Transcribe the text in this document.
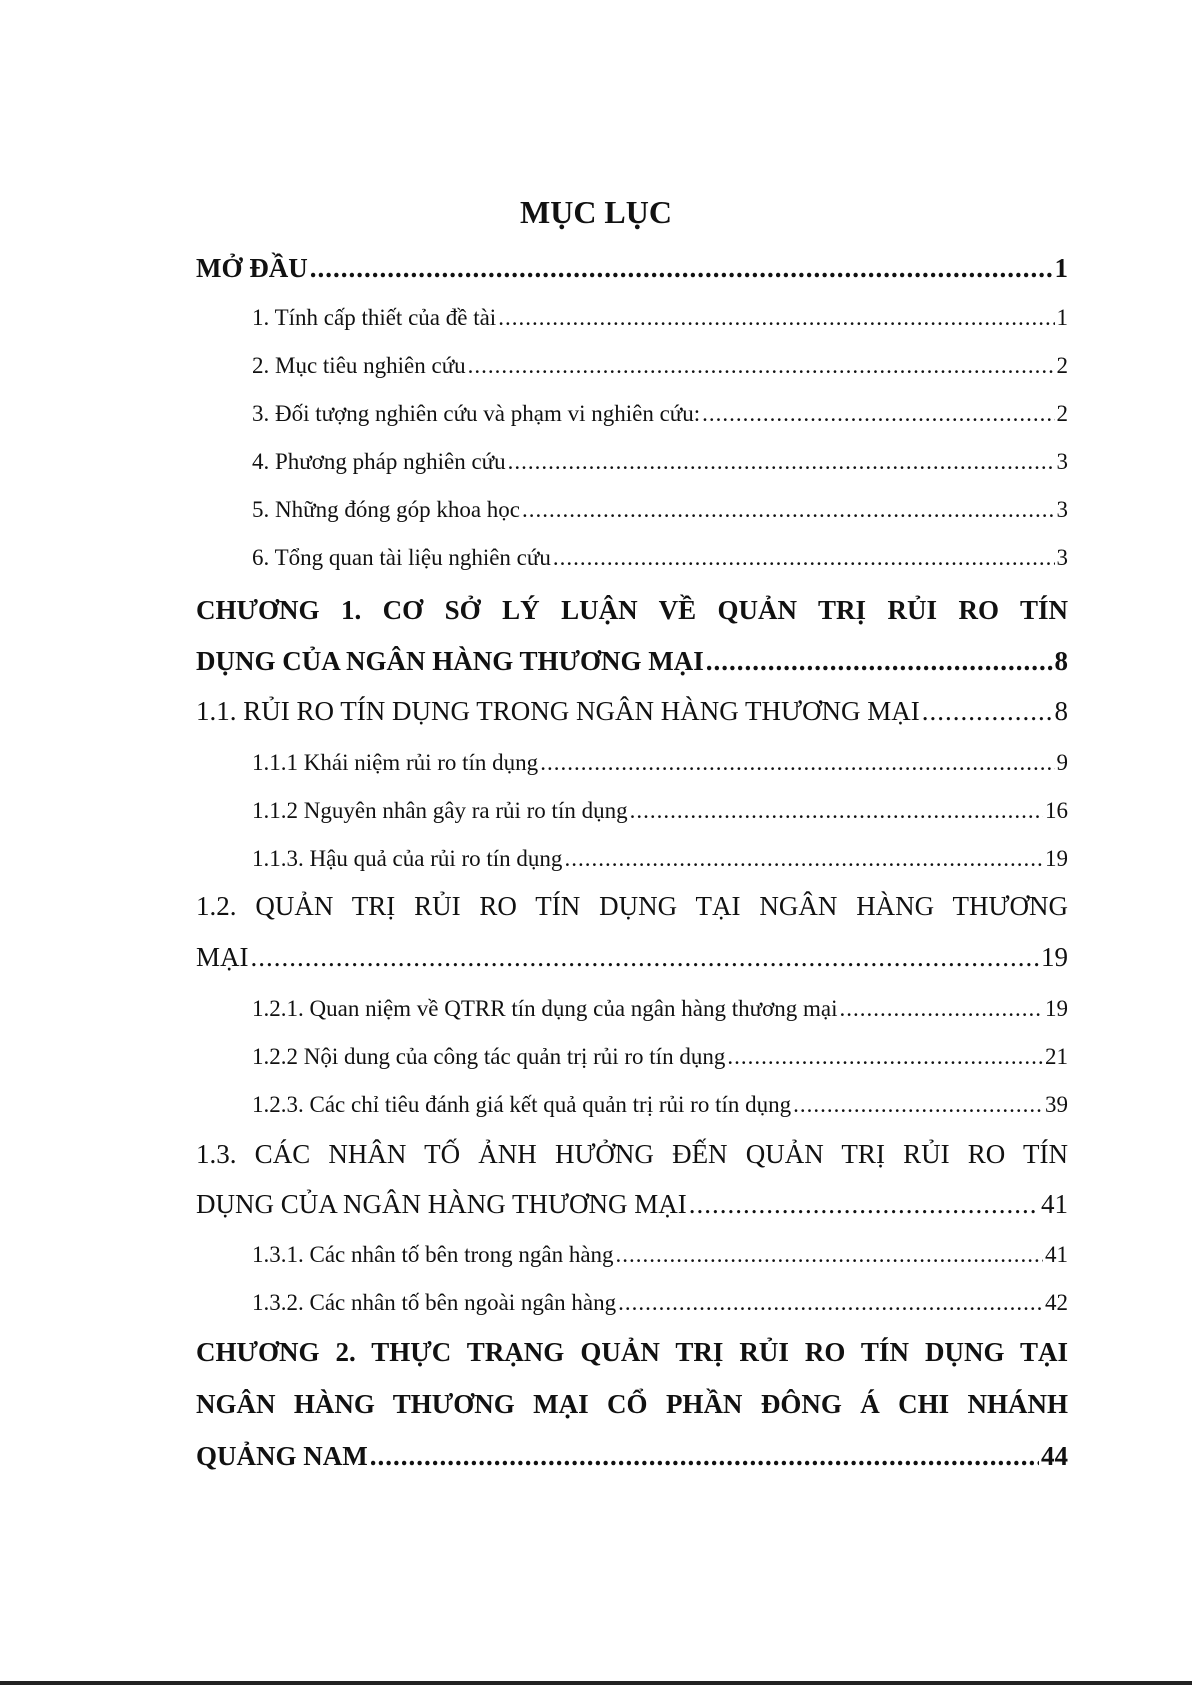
MỤC LỤC
MỞ ĐẦU .....	1
1. Tính cấp thiết của đề tài .....	1
2. Mục tiêu nghiên cứu .....	2
3. Đối tượng nghiên cứu và phạm vi nghiên cứu: .....	2
4. Phương pháp nghiên cứu .....	3
5. Những đóng góp khoa học .....	3
6. Tổng quan tài liệu nghiên cứu .....	3
CHƯƠNG 1. CƠ SỞ LÝ LUẬN VỀ QUẢN TRỊ RỦI RO TÍN
DỤNG CỦA NGÂN HÀNG THƯƠNG MẠI .....	8
1.1. RỦI RO TÍN DỤNG TRONG NGÂN HÀNG THƯƠNG MẠI .....	8
1.1.1 Khái niệm rủi ro tín dụng .....	9
1.1.2 Nguyên nhân gây ra rủi ro tín dụng .....	16
1.1.3. Hậu quả của rủi ro tín dụng .....	19
1.2. QUẢN TRỊ RỦI RO TÍN DỤNG TẠI NGÂN HÀNG THƯƠNG
MẠI .....	19
1.2.1. Quan niệm về QTRR tín dụng của ngân hàng thương mại .....	19
1.2.2 Nội dung của công tác quản trị rủi ro tín dụng .....	21
1.2.3. Các chỉ tiêu đánh giá kết quả quản trị rủi ro tín dụng .....	39
1.3. CÁC NHÂN TỐ ẢNH HƯỞNG ĐẾN QUẢN TRỊ RỦI RO TÍN
DỤNG CỦA NGÂN HÀNG THƯƠNG MẠI .....	41
1.3.1. Các nhân tố bên trong ngân hàng .....	41
1.3.2. Các nhân tố bên ngoài ngân hàng .....	42
CHƯƠNG 2. THỰC TRẠNG QUẢN TRỊ RỦI RO TÍN DỤNG TẠI
NGÂN HÀNG THƯƠNG MẠI CỔ PHẦN ĐÔNG Á CHI NHÁNH
QUẢNG NAM .....	44
